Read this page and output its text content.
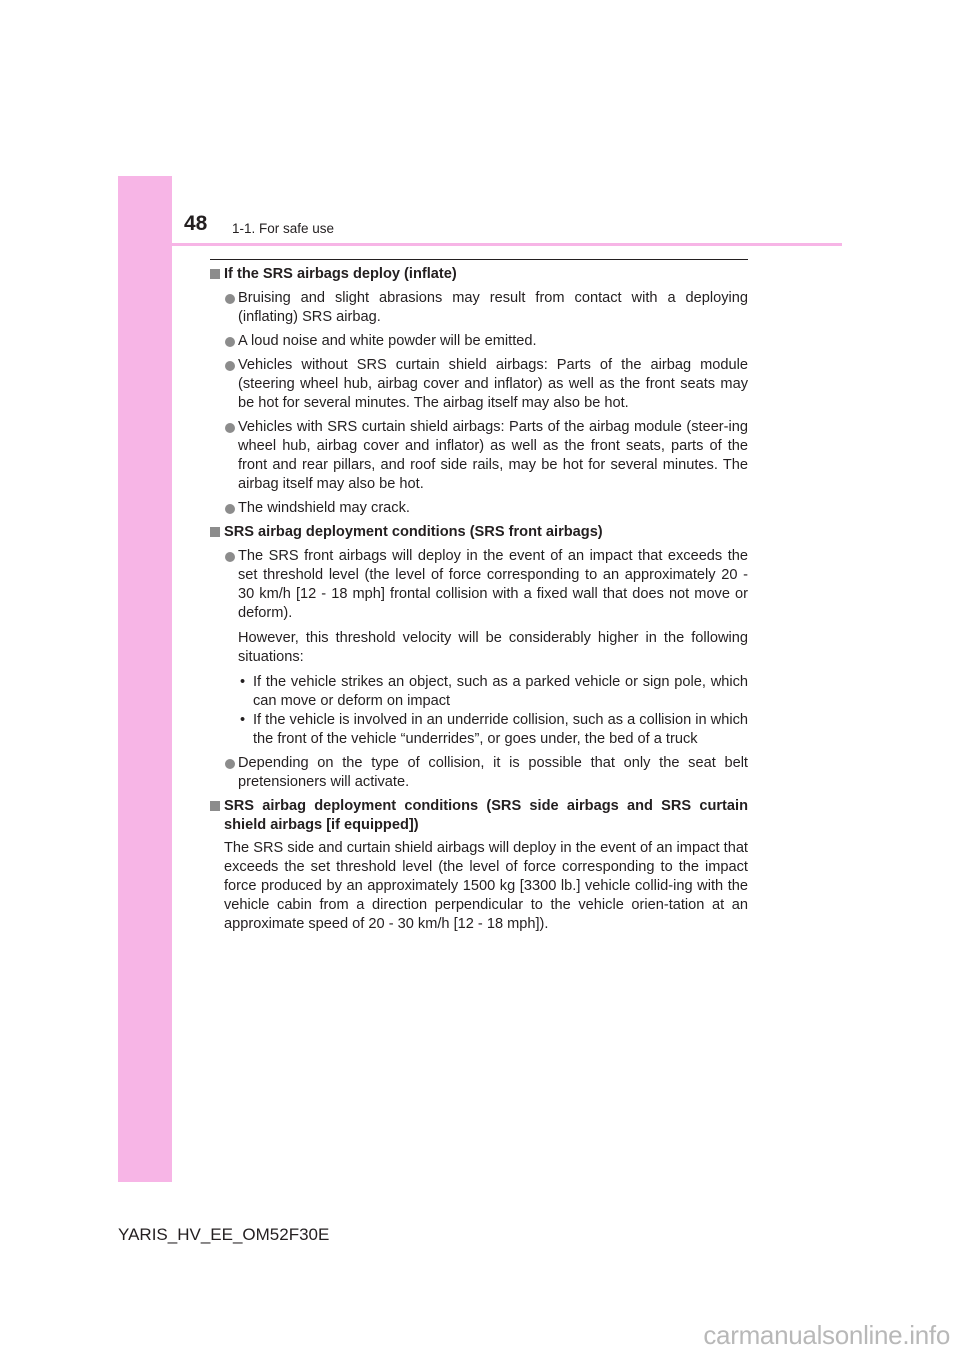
48 1-1. For safe use
If the SRS airbags deploy (inflate)
Bruising and slight abrasions may result from contact with a deploying (inflating) SRS airbag.
A loud noise and white powder will be emitted.
Vehicles without SRS curtain shield airbags: Parts of the airbag module (steering wheel hub, airbag cover and inflator) as well as the front seats may be hot for several minutes. The airbag itself may also be hot.
Vehicles with SRS curtain shield airbags: Parts of the airbag module (steer-ing wheel hub, airbag cover and inflator) as well as the front seats, parts of the front and rear pillars, and roof side rails, may be hot for several minutes. The airbag itself may also be hot.
The windshield may crack.
SRS airbag deployment conditions (SRS front airbags)
The SRS front airbags will deploy in the event of an impact that exceeds the set threshold level (the level of force corresponding to an approximately 20 - 30 km/h [12 - 18 mph] frontal collision with a fixed wall that does not move or deform).
However, this threshold velocity will be considerably higher in the following situations:
• If the vehicle strikes an object, such as a parked vehicle or sign pole, which can move or deform on impact
• If the vehicle is involved in an underride collision, such as a collision in which the front of the vehicle “underrides”, or goes under, the bed of a truck
Depending on the type of collision, it is possible that only the seat belt pretensioners will activate.
SRS airbag deployment conditions (SRS side airbags and SRS curtain shield airbags [if equipped])
The SRS side and curtain shield airbags will deploy in the event of an impact that exceeds the set threshold level (the level of force corresponding to the impact force produced by an approximately 1500 kg [3300 lb.] vehicle collid-ing with the vehicle cabin from a direction perpendicular to the vehicle orien-tation at an approximate speed of 20 - 30 km/h [12 - 18 mph]).
YARIS_HV_EE_OM52F30E
carmanualsonline.info
